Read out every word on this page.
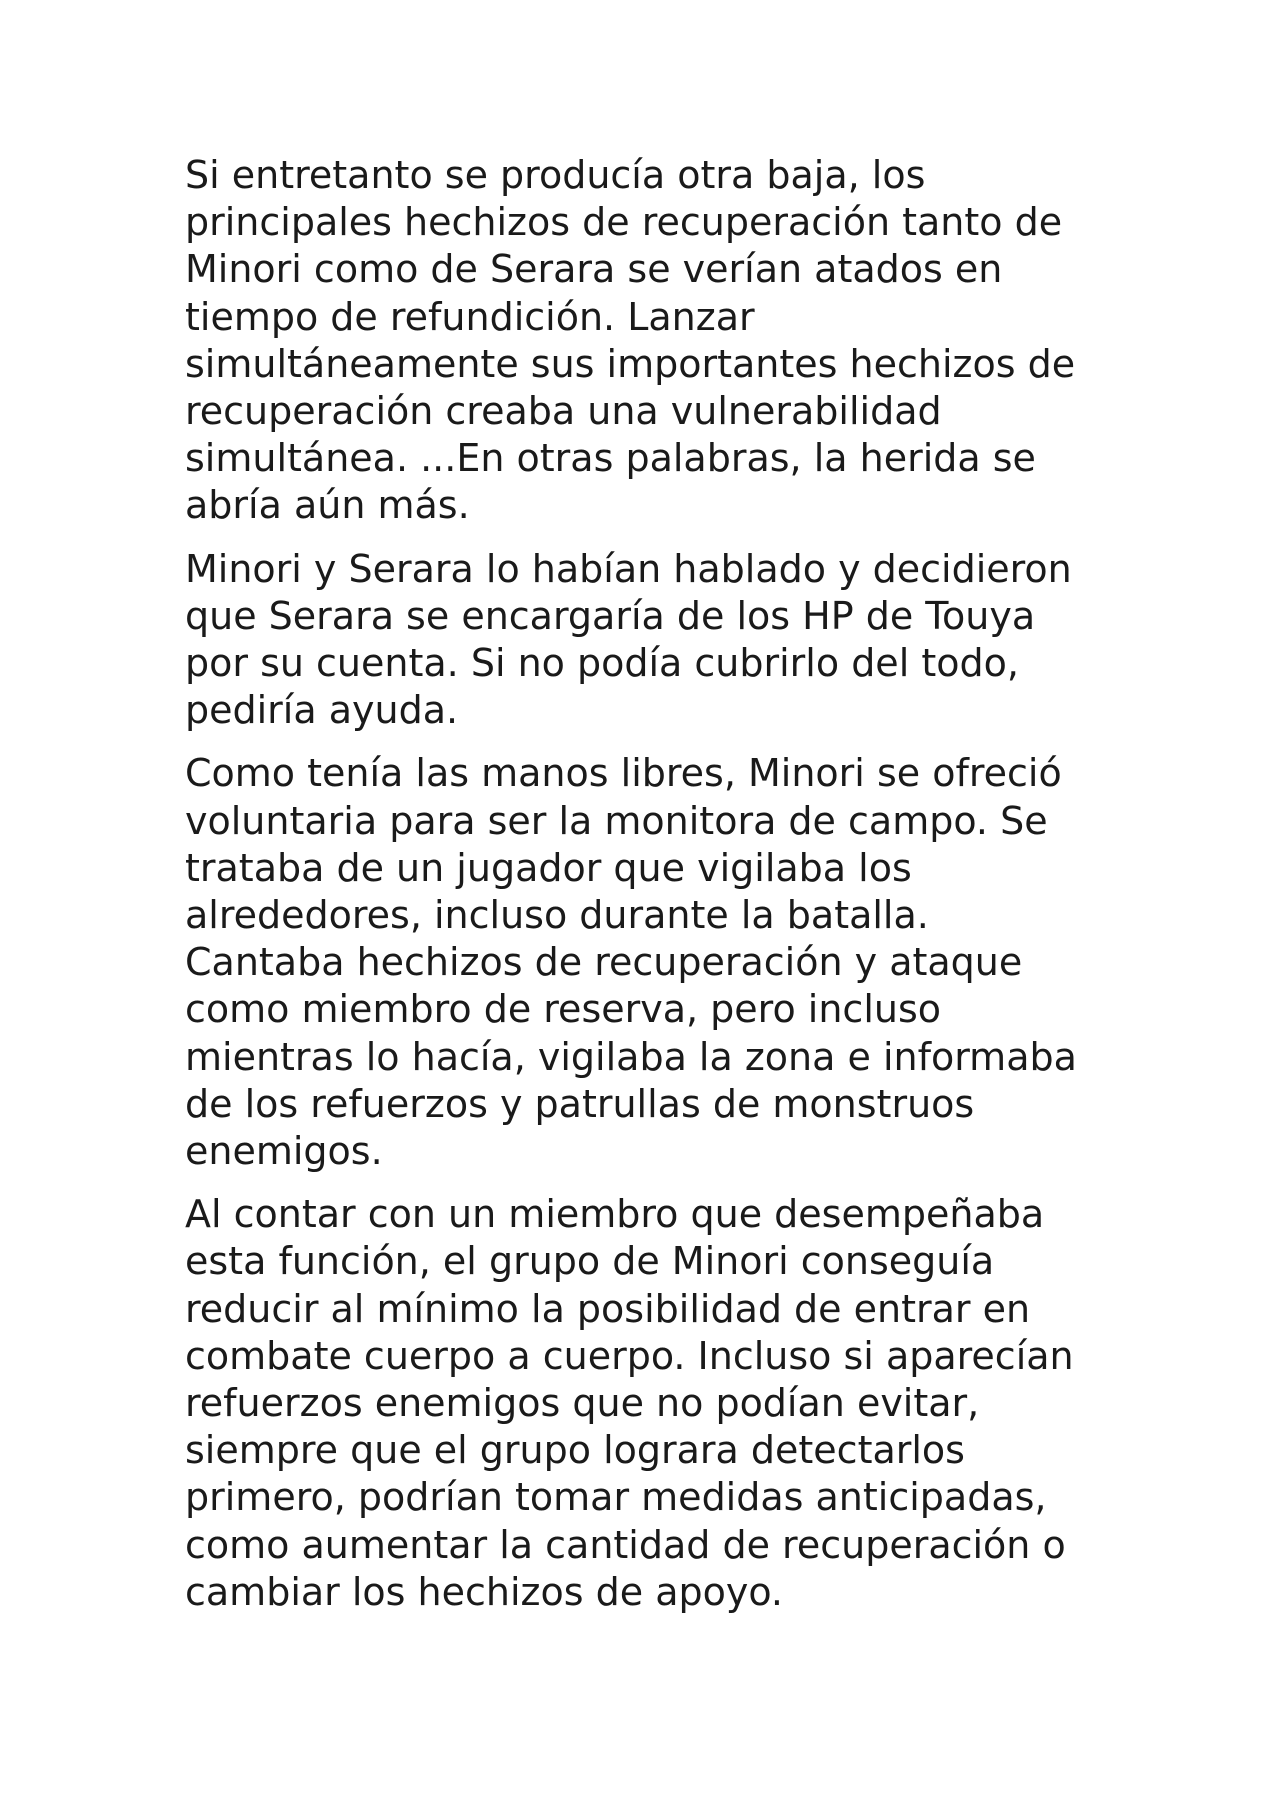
Si entretanto se producía otra baja, los
principales hechizos de recuperación tanto de
Minori como de Serara se verían atados en
tiempo de refundición. Lanzar
simultáneamente sus importantes hechizos de
recuperación creaba una vulnerabilidad
simultánea. ...En otras palabras, la herida se
abría aún más.

Minori y Serara lo habían hablado y decidieron
que Serara se encargaría de los HP de Touya
por su cuenta. Si no podía cubrirlo del todo,
pediría ayuda.

Como tenía las manos libres, Minori se ofreció
voluntaria para ser la monitora de campo. Se
trataba de un jugador que vigilaba los
alrededores, incluso durante la batalla.
Cantaba hechizos de recuperación y ataque
como miembro de reserva, pero incluso
mientras lo hacía, vigilaba la zona e informaba
de los refuerzos y patrullas de monstruos
enemigos.

Al contar con un miembro que desempeñaba
esta función, el grupo de Minori conseguía
reducir al mínimo la posibilidad de entrar en
combate cuerpo a cuerpo. Incluso si aparecían
refuerzos enemigos que no podían evitar,
siempre que el grupo lograra detectarlos
primero, podrían tomar medidas anticipadas,
como aumentar la cantidad de recuperación o
cambiar los hechizos de apoyo.
